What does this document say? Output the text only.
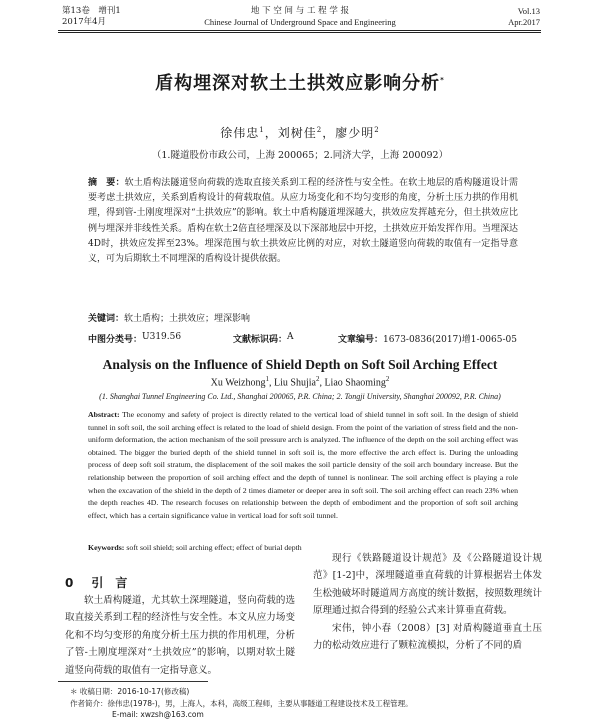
第13卷　增刊1
2017年4月
地 下 空 间 与 工 程 学 报
Chinese Journal of Underground Space and Engineering
Vol.13
Apr.2017
盾构埋深对软土土拱效应影响分析*
徐伟忠$^1$，刘树佳$^2$，廖少明$^2$
（1.隧道股份市政公司，上海 200065；2.同济大学，上海 200092）
摘　要：软土盾构法隧道竖向荷载的选取直接关系到工程的经济性与安全性。在软土地层的盾构隧道设计需要考虑土拱效应，关系到盾构设计的荷载取值。从应力场变化和不均匀变形的角度，分析土压力拱的作用机理，得到管-土刚度埋深对“土拱效应”的影响。软土中盾构隧道埋深越大，拱效应发挥越充分，但土拱效应比例与埋深并非线性关系。盾构在软土2倍直径埋深及以下深部地层中开挖，土拱效应开始发挥作用。当埋深达4D时，拱效应发挥至23%。埋深范围与软土拱效应比例的对应，对软土隧道竖向荷载的取值有一定指导意义，可为后期软土不同埋深的盾构设计提供依据。
关键词：软土盾构；土拱效应；埋深影响
中图分类号： U319.56	文献标识码： A	文章编号： 1673-0836(2017)增1-0065-05
Analysis on the Influence of Shield Depth on Soft Soil Arching Effect
Xu Weizhong$^1$, Liu Shujia$^2$, Liao Shaoming$^2$
(1. Shanghai Tunnel Engineering Co. Ltd., Shanghai 200065, P.R. China; 2. Tongji University, Shanghai 200092, P.R. China)
Abstract: The economy and safety of project is directly related to the vertical load of shield tunnel in soft soil. In the design of shield tunnel in soft soil, the soil arching effect is related to the load of shield design. From the point of the variation of stress field and the non-uniform deformation, the action mechanism of the soil pressure arch is analyzed. The influence of the depth on the soil arching effect was obtained. The bigger the buried depth of the shield tunnel in soft soil is, the more effective the arch effect is. During the unloading process of deep soft soil stratum, the displacement of the soil makes the soil particle density of the soil arch boundary increase. But the relationship between the proportion of soil arching effect and the depth of tunnel is nonlinear. The soil arching effect is playing a role when the excavation of the shield in the depth of 2 times diameter or deeper area in soft soil. The soil arching effect can reach 23% when the depth reaches 4D. The research focuses on relationship between the depth of embodiment and the proportion of soft soil arching effect, which has a certain significance value in vertical load for soft soil tunnel.
Keywords: soft soil shield; soil arching effect; effect of burial depth
0 引　言

软土盾构隧道，尤其软土深埋隧道，竖向荷载的选取直接关系到工程的经济性与安全性。本文从应力场变化和不均匀变形的角度分析土压力拱的作用机理，分析了管-土刚度埋深对“土拱效应”的影响，以期对软土隧道竖向荷载的取值有一定指导意义。

现行《铁路隧道设计规范》及《公路隧道设计规范》[1-2]中，深埋隧道垂直荷载的计算根据岩土体发生松弛破坏时隧道周方高度的统计数据，按照数理统计原理通过拟合得到的经验公式来计算垂直荷载。

宋伟，钟小春（2008）[3] 对盾构隧道垂直土压力的松动效应进行了颗粒流模拟，分析了不同的盾

＊ 收稿日期：2016-10-17(修改稿)
作者简介：徐伟忠(1978-)，男，上海人，本科，高级工程师，主要从事隧道工程建设技术及工程管理。
E-mail: xwzsh@163.com
